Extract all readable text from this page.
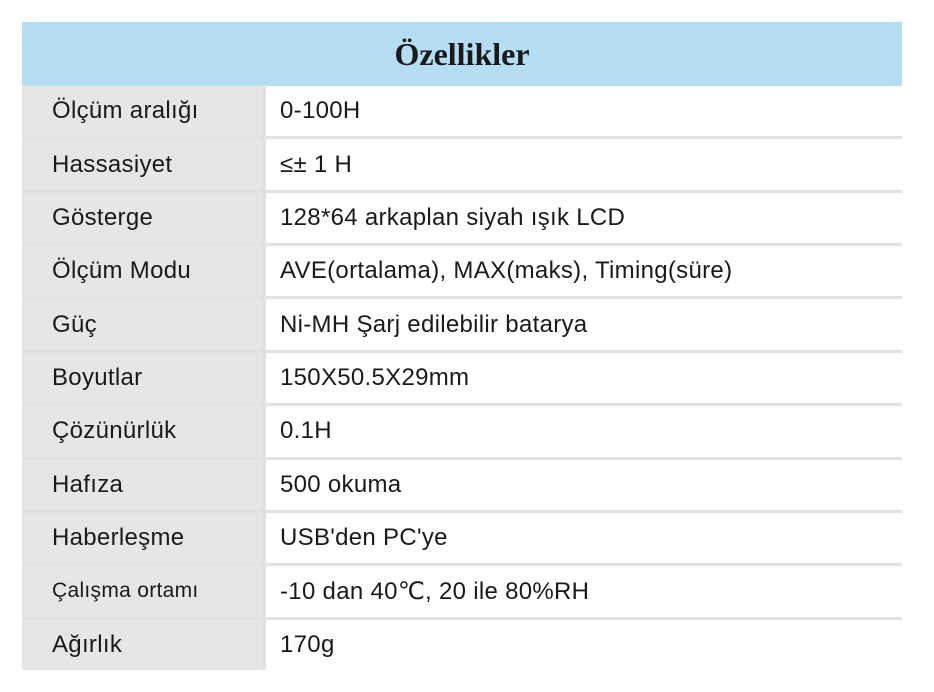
Özellikler
Ölçüm aralığı	0-100H
Hassasiyet	≤± 1 H
Gösterge	128*64 arkaplan siyah ışık LCD
Ölçüm Modu	AVE(ortalama), MAX(maks), Timing(süre)
Güç	Ni-MH Şarj edilebilir batarya
Boyutlar	150X50.5X29mm
Çözünürlük	0.1H
Hafıza	500 okuma
Haberleşme	USB'den PC'ye
Çalışma ortamı	-10 dan 40℃, 20 ile 80%RH
Ağırlık	170g
